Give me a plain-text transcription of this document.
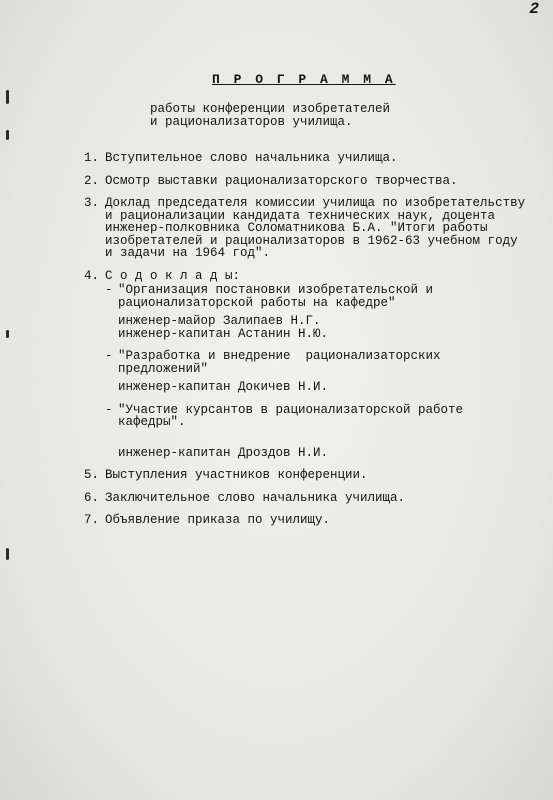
2
П Р О Г Р А М М А
работы конференции изобретателей
и рационализаторов училища.
1. Вступительное слово начальника училища.
2. Осмотр выставки рационализаторского творчества.
3. Доклад председателя комиссии училища по изобретательству
и рационализации кандидата технических наук, доцента
инженер-полковника Соломатникова Б.А. "Итоги работы
изобретателей и рационализаторов в 1962-63 учебном году
и задачи на 1964 год".
4. С о д о к л а д ы:
- "Организация постановки изобретательской и
рационализаторской работы на кафедре"
инженер-майор Залипаев Н.Г.
инженер-капитан Астанин Н.Ю.
- "Разработка и внедрение  рационализаторских
предложений"
инженер-капитан Докичев Н.И.
- "Участие курсантов в рационализаторской работе
кафедры".
инженер-капитан Дроздов Н.И.
5. Выступления участников конференции.
6. Заключительное слово начальника училища.
7. Объявление приказа по училищу.
